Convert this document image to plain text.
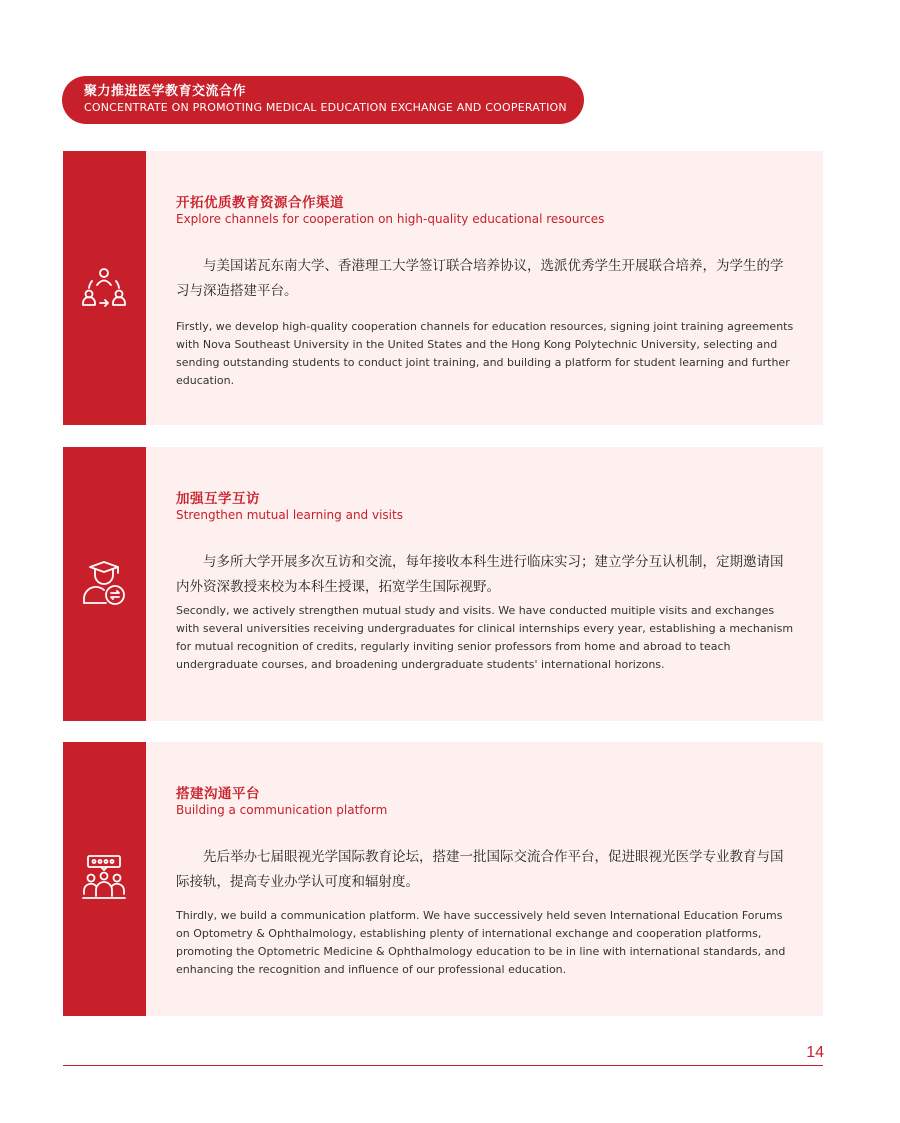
聚力推进医学教育交流合作
CONCENTRATE ON PROMOTING MEDICAL EDUCATION EXCHANGE AND COOPERATION
开拓优质教育资源合作渠道
Explore channels for cooperation on high-quality educational resources
与美国诺瓦东南大学、香港理工大学签订联合培养协议，选派优秀学生开展联合培养，为学生的学习与深造搭建平台。
Firstly, we develop high-quality cooperation channels for education resources, signing joint training agreements with Nova Southeast University in the United States and the Hong Kong Polytechnic University, selecting and sending outstanding students to conduct joint training, and building a platform for student learning and further education.
加强互学互访
Strengthen mutual learning and visits
与多所大学开展多次互访和交流，每年接收本科生进行临床实习；建立学分互认机制，定期邀请国内外资深教授来校为本科生授课，拓宽学生国际视野。
Secondly, we actively strengthen mutual study and visits. We have conducted muitiple visits and exchanges with several universities receiving undergraduates for clinical internships every year, establishing a mechanism for mutual recognition of credits, regularly inviting senior professors from home and abroad to teach undergraduate courses, and broadening undergraduate students' international horizons.
搭建沟通平台
Building a communication platform
先后举办七届眼视光学国际教育论坛，搭建一批国际交流合作平台，促进眼视光医学专业教育与国际接轨，提高专业办学认可度和辐射度。
Thirdly, we build a communication platform. We have successively held seven International Education Forums on Optometry & Ophthalmology, establishing plenty of international exchange and cooperation platforms, promoting the Optometric Medicine & Ophthalmology education to be in line with international standards, and enhancing the recognition and influence of our professional education.
14
